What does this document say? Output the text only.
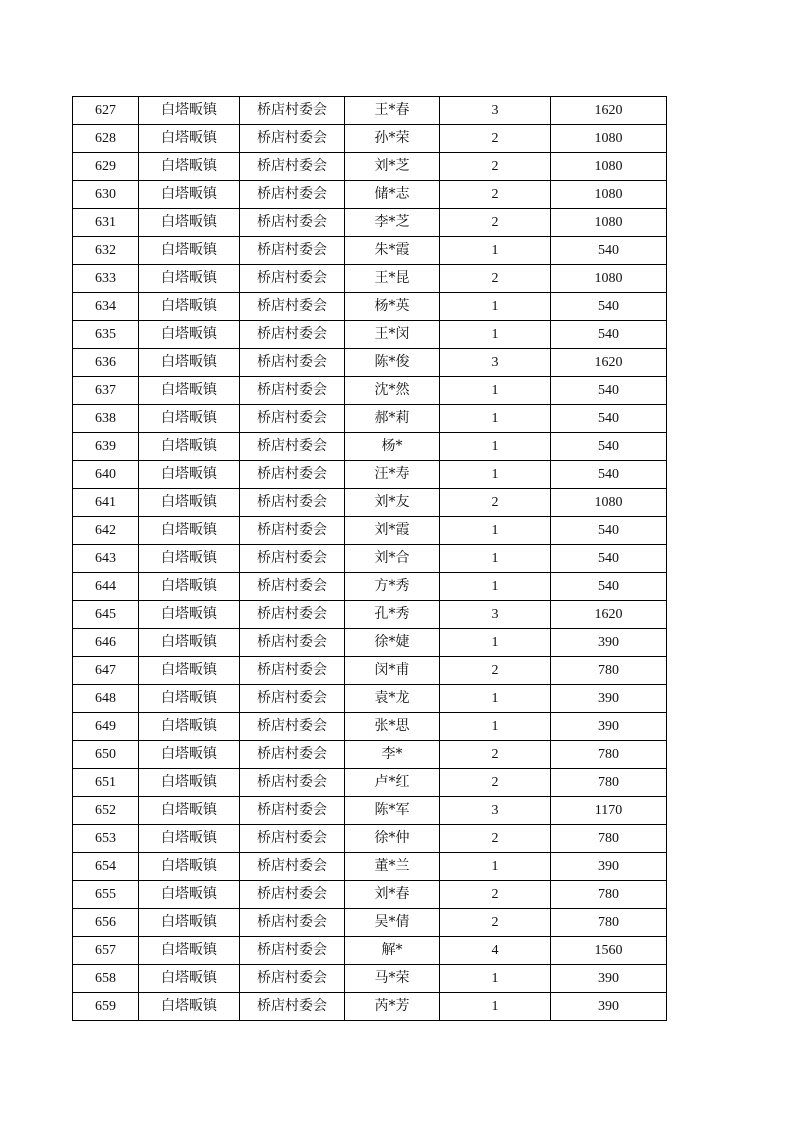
627	白塔畈镇	桥店村委会	王*春	3	1620
628	白塔畈镇	桥店村委会	孙*荣	2	1080
629	白塔畈镇	桥店村委会	刘*芝	2	1080
630	白塔畈镇	桥店村委会	储*志	2	1080
631	白塔畈镇	桥店村委会	李*芝	2	1080
632	白塔畈镇	桥店村委会	朱*霞	1	540
633	白塔畈镇	桥店村委会	王*昆	2	1080
634	白塔畈镇	桥店村委会	杨*英	1	540
635	白塔畈镇	桥店村委会	王*闵	1	540
636	白塔畈镇	桥店村委会	陈*俊	3	1620
637	白塔畈镇	桥店村委会	沈*然	1	540
638	白塔畈镇	桥店村委会	郝*莉	1	540
639	白塔畈镇	桥店村委会	杨*	1	540
640	白塔畈镇	桥店村委会	汪*寿	1	540
641	白塔畈镇	桥店村委会	刘*友	2	1080
642	白塔畈镇	桥店村委会	刘*霞	1	540
643	白塔畈镇	桥店村委会	刘*合	1	540
644	白塔畈镇	桥店村委会	方*秀	1	540
645	白塔畈镇	桥店村委会	孔*秀	3	1620
646	白塔畈镇	桥店村委会	徐*婕	1	390
647	白塔畈镇	桥店村委会	闵*甫	2	780
648	白塔畈镇	桥店村委会	袁*龙	1	390
649	白塔畈镇	桥店村委会	张*思	1	390
650	白塔畈镇	桥店村委会	李*	2	780
651	白塔畈镇	桥店村委会	卢*红	2	780
652	白塔畈镇	桥店村委会	陈*军	3	1170
653	白塔畈镇	桥店村委会	徐*仲	2	780
654	白塔畈镇	桥店村委会	董*兰	1	390
655	白塔畈镇	桥店村委会	刘*春	2	780
656	白塔畈镇	桥店村委会	吴*倩	2	780
657	白塔畈镇	桥店村委会	解*	4	1560
658	白塔畈镇	桥店村委会	马*荣	1	390
659	白塔畈镇	桥店村委会	芮*芳	1	390
